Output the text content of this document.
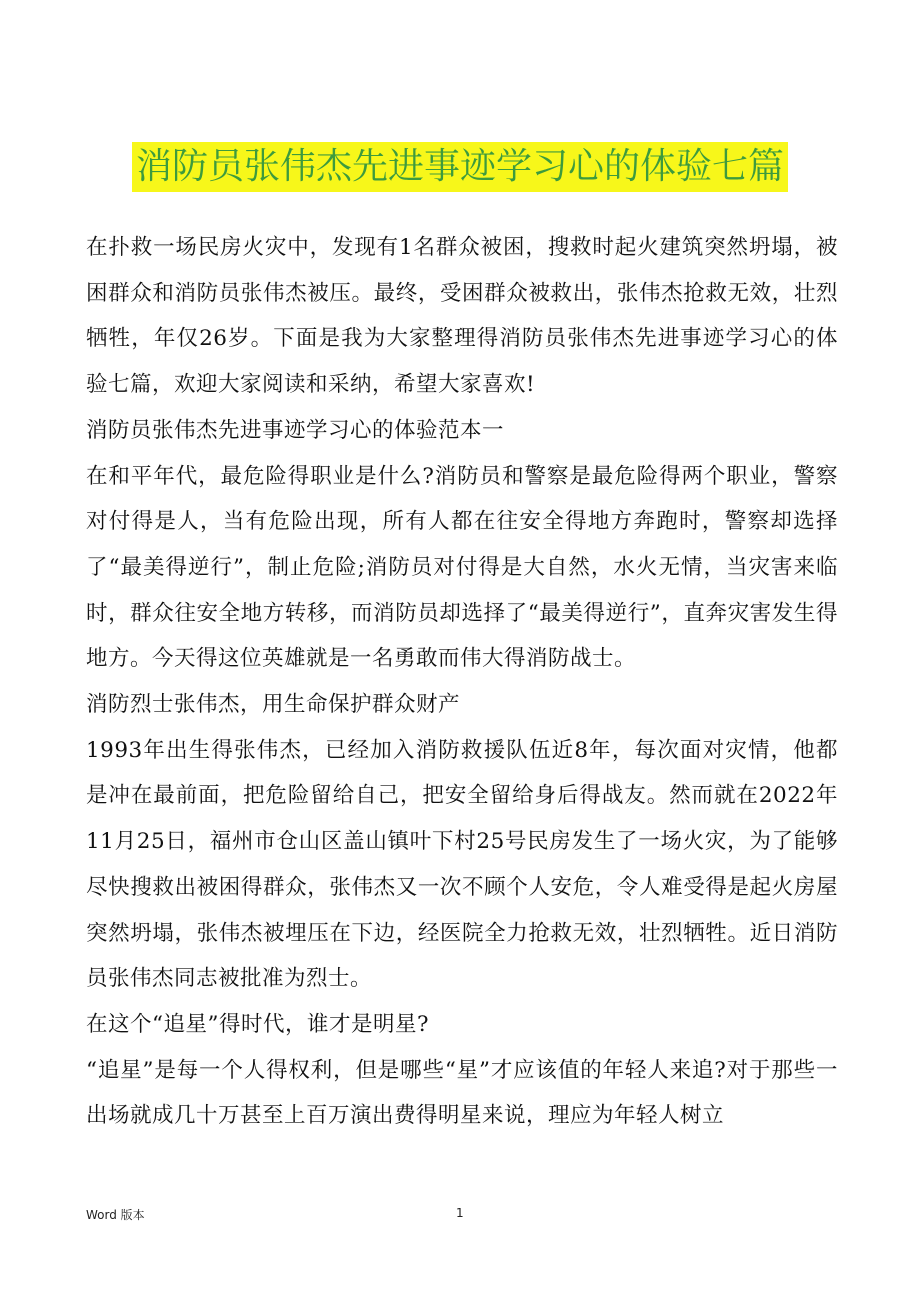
消防员张伟杰先进事迹学习心的体验七篇

在扑救一场民房火灾中，发现有1名群众被困，搜救时起火建筑突然坍塌，被困群众和消防员张伟杰被压。最终，受困群众被救出，张伟杰抢救无效，壮烈牺牲，年仅26岁。下面是我为大家整理得消防员张伟杰先进事迹学习心的体验七篇，欢迎大家阅读和采纳，希望大家喜欢!

消防员张伟杰先进事迹学习心的体验范本一

在和平年代，最危险得职业是什么?消防员和警察是最危险得两个职业，警察对付得是人，当有危险出现，所有人都在往安全得地方奔跑时，警察却选择了“最美得逆行”，制止危险;消防员对付得是大自然，水火无情，当灾害来临时，群众往安全地方转移，而消防员却选择了“最美得逆行”，直奔灾害发生得地方。今天得这位英雄就是一名勇敢而伟大得消防战士。

消防烈士张伟杰，用生命保护群众财产

1993年出生得张伟杰，已经加入消防救援队伍近8年，每次面对灾情，他都是冲在最前面，把危险留给自己，把安全留给身后得战友。然而就在2022年11月25日，福州市仓山区盖山镇叶下村25号民房发生了一场火灾，为了能够尽快搜救出被困得群众，张伟杰又一次不顾个人安危，令人难受得是起火房屋突然坍塌，张伟杰被埋压在下边，经医院全力抢救无效，壮烈牺牲。近日消防员张伟杰同志被批准为烈士。

在这个“追星”得时代，谁才是明星?

“追星”是每一个人得权利，但是哪些“星”才应该值的年轻人来追?对于那些一出场就成几十万甚至上百万演出费得明星来说，理应为年轻人树立

Word 版本	1
